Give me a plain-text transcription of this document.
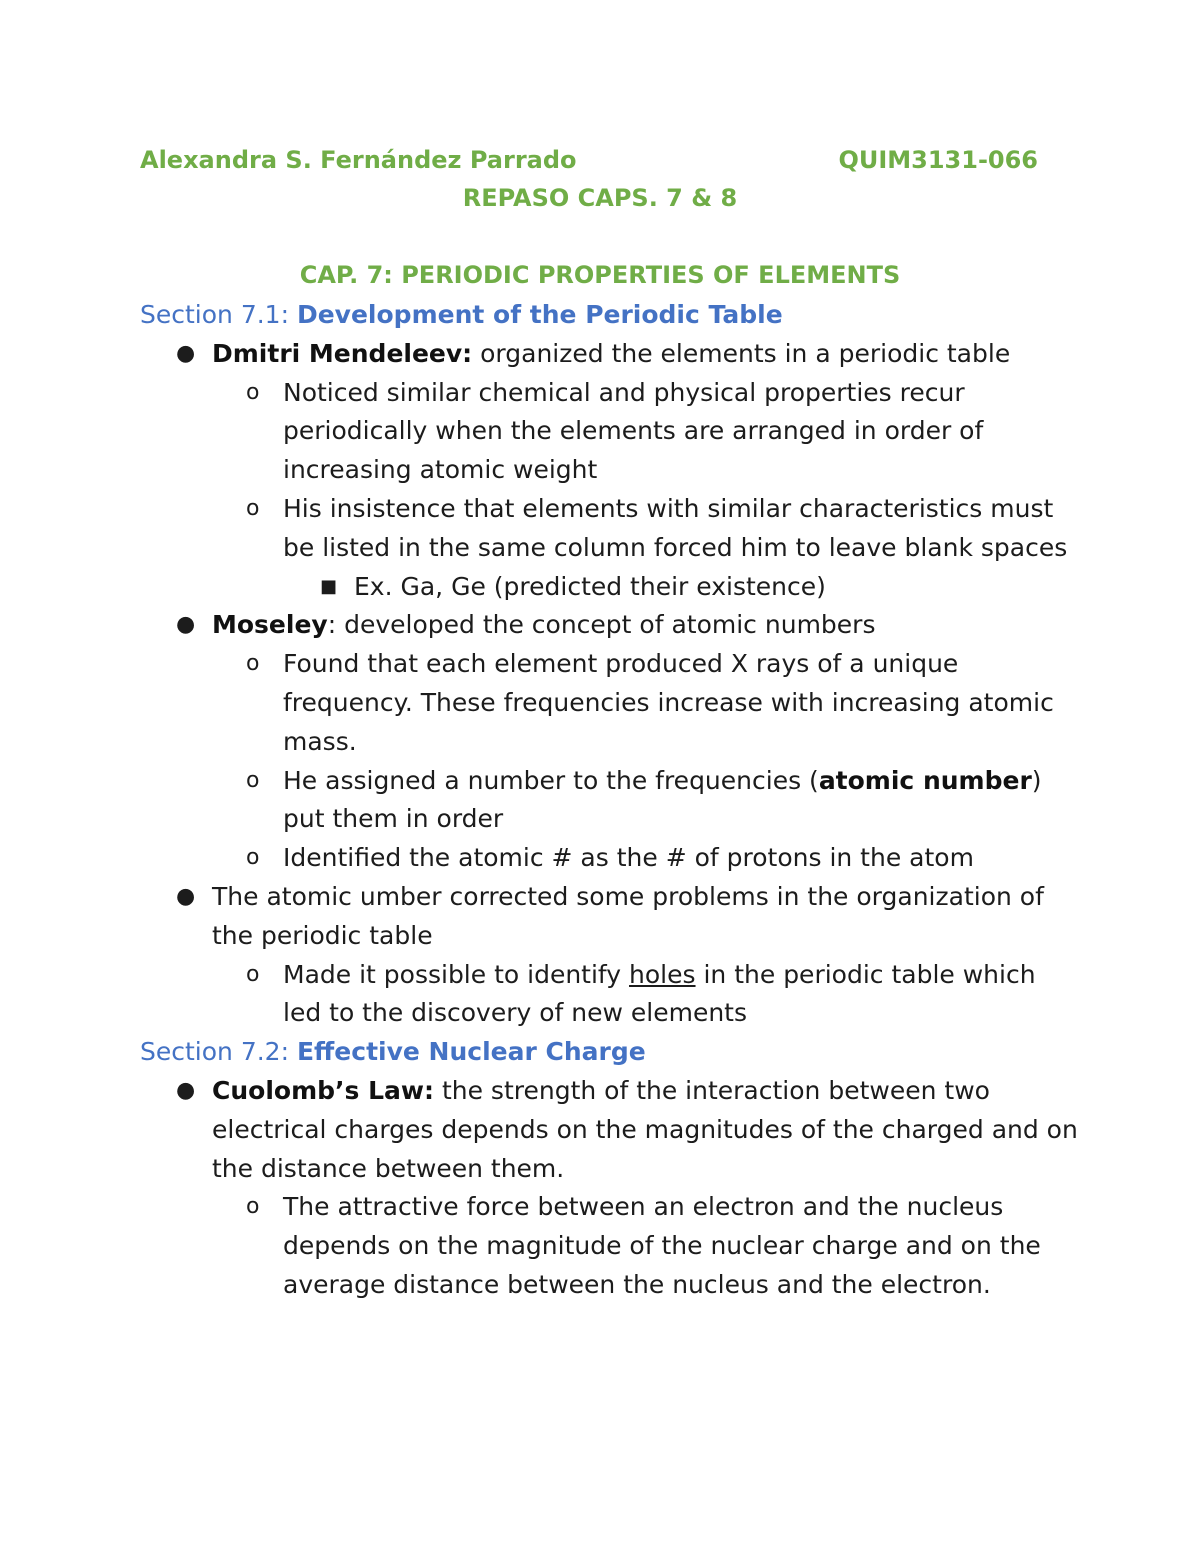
Alexandra S. Fernández Parrado	QUIM3131-066
REPASO CAPS. 7 & 8
CAP. 7: PERIODIC PROPERTIES OF ELEMENTS

Section 7.1: Development of the Periodic Table

● Dmitri Mendeleev: organized the elements in a periodic table
o Noticed similar chemical and physical properties recur periodically when the elements are arranged in order of increasing atomic weight
o His insistence that elements with similar characteristics must be listed in the same column forced him to leave blank spaces
■ Ex. Ga, Ge (predicted their existence)
● Moseley: developed the concept of atomic numbers
o Found that each element produced X rays of a unique frequency. These frequencies increase with increasing atomic mass.
o He assigned a number to the frequencies (atomic number) put them in order
o Identified the atomic # as the # of protons in the atom
● The atomic umber corrected some problems in the organization of the periodic table
o Made it possible to identify holes in the periodic table which led to the discovery of new elements

Section 7.2: Effective Nuclear Charge

● Cuolomb’s Law: the strength of the interaction between two electrical charges depends on the magnitudes of the charged and on the distance between them.
o The attractive force between an electron and the nucleus depends on the magnitude of the nuclear charge and on the average distance between the nucleus and the electron.
